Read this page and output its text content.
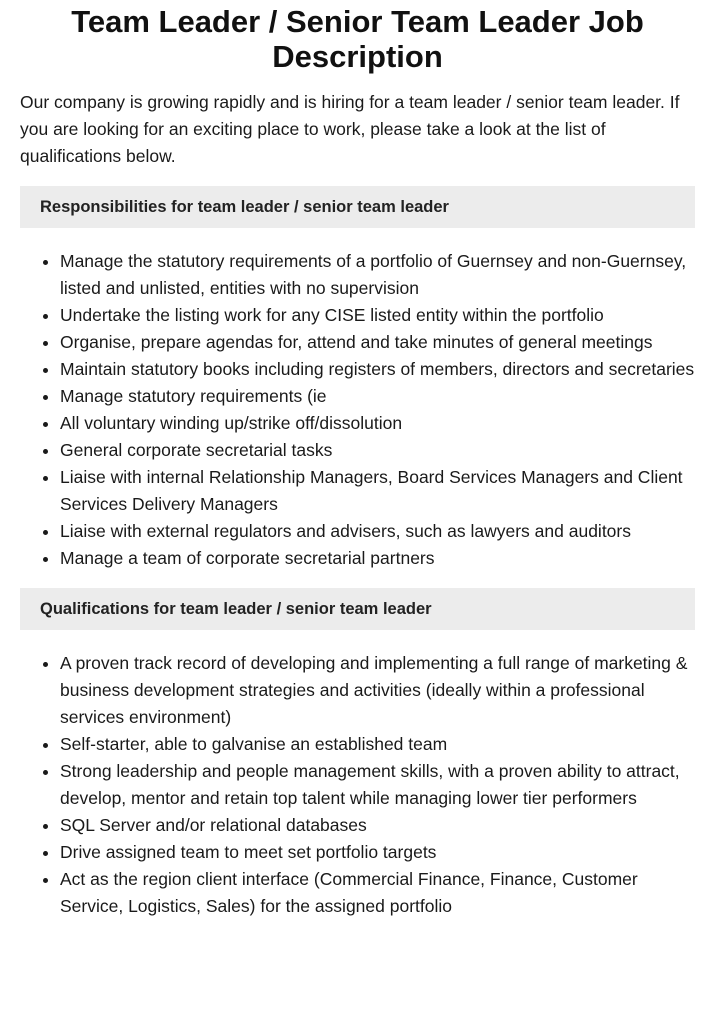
Team Leader / Senior Team Leader Job Description

Our company is growing rapidly and is hiring for a team leader / senior team leader. If you are looking for an exciting place to work, please take a look at the list of qualifications below.

Responsibilities for team leader / senior team leader
• Manage the statutory requirements of a portfolio of Guernsey and non-Guernsey, listed and unlisted, entities with no supervision
• Undertake the listing work for any CISE listed entity within the portfolio
• Organise, prepare agendas for, attend and take minutes of general meetings
• Maintain statutory books including registers of members, directors and secretaries
• Manage statutory requirements (ie
• All voluntary winding up/strike off/dissolution
• General corporate secretarial tasks
• Liaise with internal Relationship Managers, Board Services Managers and Client Services Delivery Managers
• Liaise with external regulators and advisers, such as lawyers and auditors
• Manage a team of corporate secretarial partners
Qualifications for team leader / senior team leader
• A proven track record of developing and implementing a full range of marketing & business development strategies and activities (ideally within a professional services environment)
• Self-starter, able to galvanise an established team
• Strong leadership and people management skills, with a proven ability to attract, develop, mentor and retain top talent while managing lower tier performers
• SQL Server and/or relational databases
• Drive assigned team to meet set portfolio targets
• Act as the region client interface (Commercial Finance, Finance, Customer Service, Logistics, Sales) for the assigned portfolio
